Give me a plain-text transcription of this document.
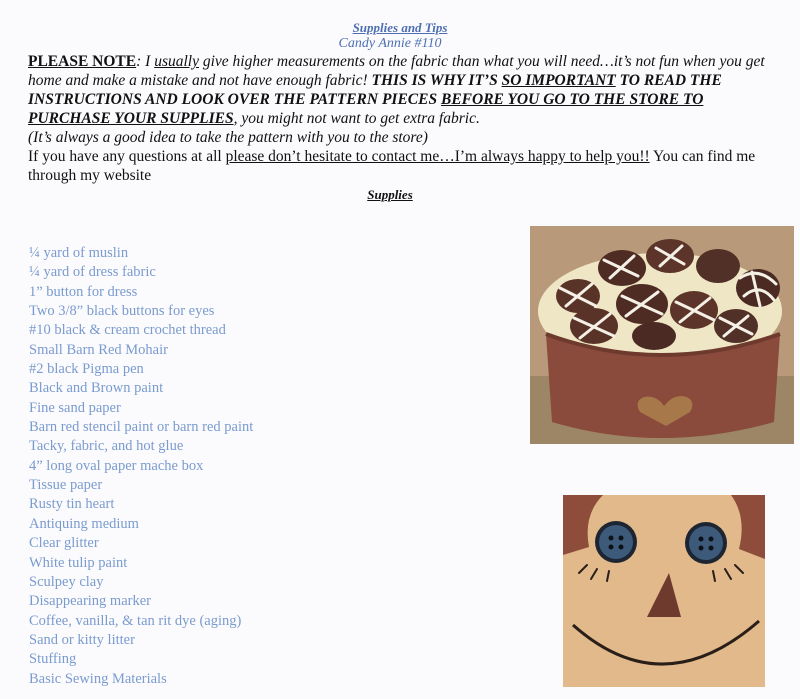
Supplies and Tips
Candy Annie #110
PLEASE NOTE: I usually give higher measurements on the fabric than what you will need…it’s not fun when you get home and make a mistake and not have enough fabric! THIS IS WHY IT’S SO IMPORTANT TO READ THE INSTRUCTIONS AND LOOK OVER THE PATTERN PIECES BEFORE YOU GO TO THE STORE TO PURCHASE YOUR SUPPLIES, you might not want to get extra fabric.
(It’s always a good idea to take the pattern with you to the store)
If you have any questions at all please don’t hesitate to contact me…I’m always happy to help you!! You can find me through my website
Supplies
¼ yard of muslin
¼ yard of dress fabric
1” button for dress
Two 3/8” black buttons for eyes
#10 black & cream crochet thread
Small Barn Red Mohair
#2 black Pigma pen
Black and Brown paint
Fine sand paper
Barn red stencil paint or barn red paint
Tacky, fabric, and hot glue
4” long oval paper mache box
Tissue paper
Rusty tin heart
Antiquing medium
Clear glitter
White tulip paint
Sculpey clay
Disappearing marker
Coffee, vanilla, & tan rit dye (aging)
Sand or kitty litter
Stuffing
Basic Sewing Materials
